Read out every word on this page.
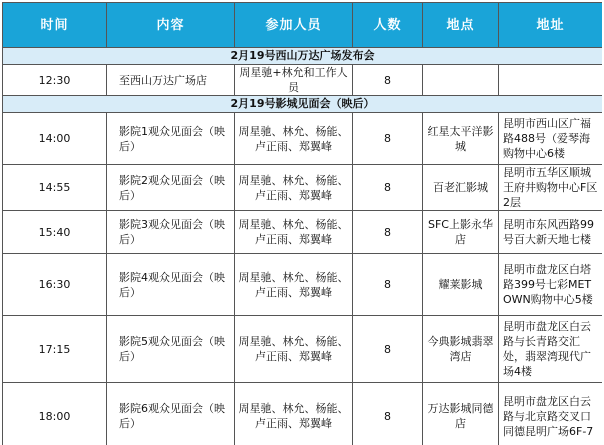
时间	内容	参加人员	人数	地点	地址
2月19号西山万达广场发布会					
12:30	至西山万达广场店	周星驰+林允和工作人员	8		
2月19号影城见面会（映后）					
14:00	影院1观众见面会（映后）	周星驰、林允、杨能、卢正雨、郑翼峰	8	红星太平洋影城	昆明市西山区广福路488号（爱琴海购物中心6楼
14:55	影院2观众见面会（映后）	周星驰、林允、杨能、卢正雨、郑翼峰	8	百老汇影城	昆明市五华区顺城王府井购物中心F区2层
15:40	影院3观众见面会（映后）	周星驰、林允、杨能、卢正雨、郑翼峰	8	SFC上影永华店	昆明市东风西路99号百大新天地七楼
16:30	影院4观众见面会（映后）	周星驰、林允、杨能、卢正雨、郑翼峰	8	耀莱影城	昆明市盘龙区白塔路399号七彩METOWN购物中心5楼
17:15	影院5观众见面会（映后）	周星驰、林允、杨能、卢正雨、郑翼峰	8	今典影城翡翠湾店	昆明市盘龙区白云路与长青路交汇处，翡翠湾现代广场4楼
18:00	影院6观众见面会（映后）	周星驰、林允、杨能、卢正雨、郑翼峰	8	万达影城同德店	昆明市盘龙区白云路与北京路交叉口同德昆明广场6F-7
